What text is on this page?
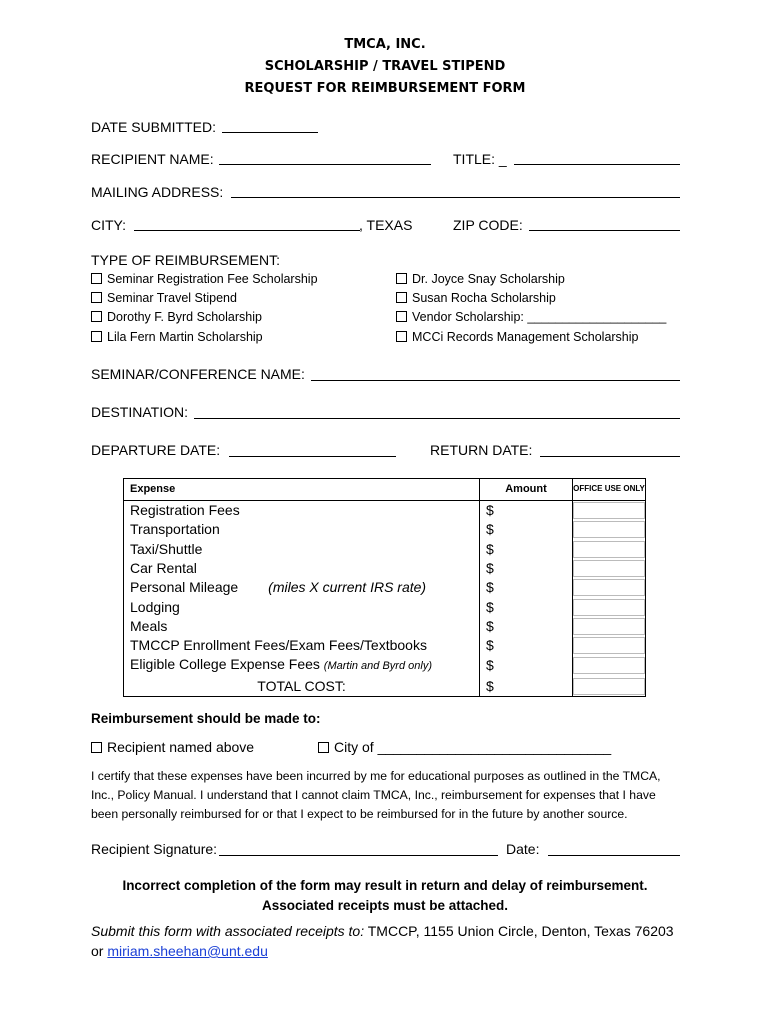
TMCA, INC.
SCHOLARSHIP / TRAVEL STIPEND
REQUEST FOR REIMBURSEMENT FORM
DATE SUBMITTED:
RECIPIENT NAME:	TITLE: _
MAILING ADDRESS:
CITY:	, TEXAS	ZIP CODE:
TYPE OF REIMBURSEMENT:
Seminar Registration Fee Scholarship
Seminar Travel Stipend
Dorothy F. Byrd Scholarship
Lila Fern Martin Scholarship
Dr. Joyce Snay Scholarship
Susan Rocha Scholarship
Vendor Scholarship: ____________________
MCCi Records Management Scholarship
SEMINAR/CONFERENCE NAME:
DESTINATION:
DEPARTURE DATE:	RETURN DATE:
Expense	Amount	OFFICE USE ONLY
Registration Fees	$	

Transportation	$	

Taxi/Shuttle	$	

Car Rental	$	

Personal Mileage (miles X current IRS rate)	$	

Lodging	$	

Meals	$	

TMCCP Enrollment Fees/Exam Fees/Textbooks	$	

Eligible College Expense Fees (Martin and Byrd only)	$	

TOTAL COST:	$	
Reimbursement should be made to:
Recipient named above	City of ______________________________
I certify that these expenses have been incurred by me for educational purposes as outlined in the TMCA, Inc., Policy Manual. I understand that I cannot claim TMCA, Inc., reimbursement for expenses that I have been personally reimbursed for or that I expect to be reimbursed for in the future by another source.
Recipient Signature:	Date:
Incorrect completion of the form may result in return and delay of reimbursement.
Associated receipts must be attached.
Submit this form with associated receipts to: TMCCP, 1155 Union Circle, Denton, Texas 76203
or miriam.sheehan@unt.edu
